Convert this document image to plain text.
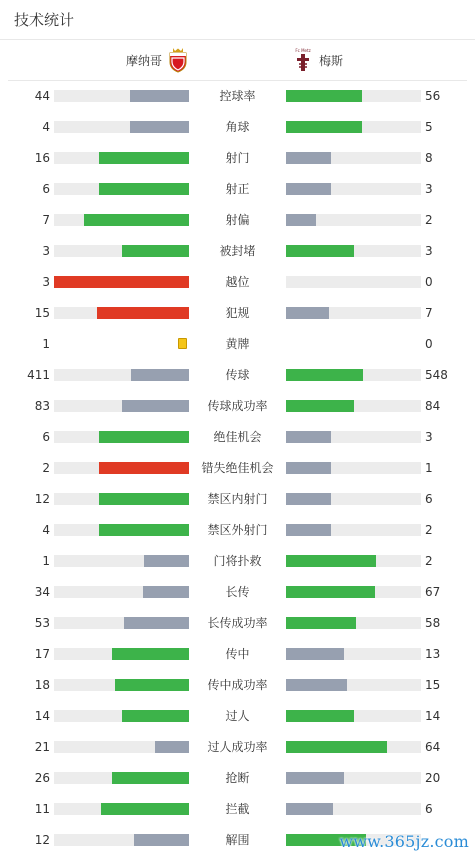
技术统计
摩纳哥
Fc Metz
梅斯
44	控球率	56
4	角球	5
16	射门	8
6	射正	3
7	射偏	2
3	被封堵	3
3	越位	0
15	犯规	7
1	黄牌	0
411	传球	548
83	传球成功率	84
6	绝佳机会	3
2	错失绝佳机会	1
12	禁区内射门	6
4	禁区外射门	2
1	门将扑救	2
34	长传	67
53	长传成功率	58
17	传中	13
18	传中成功率	15
14	过人	14
21	过人成功率	64
26	抢断	20
11	拦截	6
12	解围	www.365jz.com
